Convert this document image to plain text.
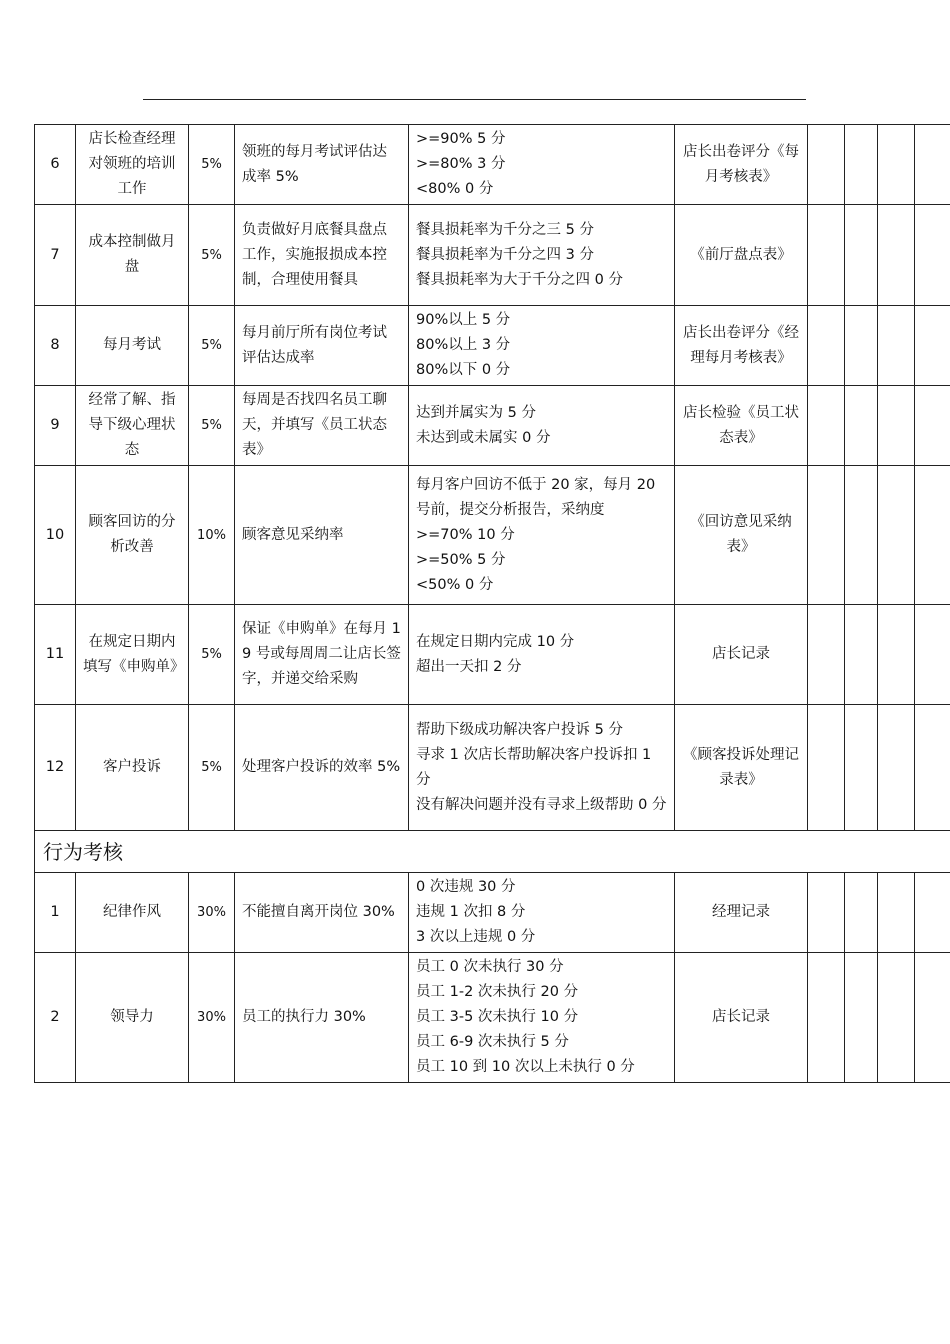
6	店长检查经理对领班的培训工作	5%	领班的每月考试评估达成率 5%	>=90% 5 分
>=80% 3 分
<80% 0 分	店长出卷评分《每月考核表》				
7	成本控制做月盘	5%	负责做好月底餐具盘点工作，实施报损成本控制，合理使用餐具	餐具损耗率为千分之三 5 分
餐具损耗率为千分之四 3 分
餐具损耗率为大于千分之四 0 分	《前厅盘点表》				
8	每月考试	5%	每月前厅所有岗位考试评估达成率	90%以上 5 分
80%以上 3 分
80%以下 0 分	店长出卷评分《经理每月考核表》				
9	经常了解、指导下级心理状态	5%	每周是否找四名员工聊天，并填写《员工状态表》	达到并属实为 5 分
未达到或未属实 0 分	店长检验《员工状态表》				
10	顾客回访的分析改善	10%	顾客意见采纳率	每月客户回访不低于 20 家，每月 20 号前，提交分析报告，采纳度
>=70% 10 分
>=50% 5 分
<50% 0 分	《回访意见采纳表》				
11	在规定日期内填写《申购单》	5%	保证《申购单》在每月 19 号或每周周二让店长签字，并递交给采购	在规定日期内完成 10 分
超出一天扣 2 分	店长记录				
12	客户投诉	5%	处理客户投诉的效率 5%	帮助下级成功解决客户投诉 5 分
寻求 1 次店长帮助解决客户投诉扣 1 分
没有解决问题并没有寻求上级帮助 0 分	《顾客投诉处理记录表》				
行为考核									
1	纪律作风	30%	不能擅自离开岗位 30%	0 次违规 30 分
违规 1 次扣 8 分
3 次以上违规 0 分	经理记录				
2	领导力	30%	员工的执行力 30%	员工 0 次未执行 30 分
员工 1-2 次未执行 20 分
员工 3-5 次未执行 10 分
员工 6-9 次未执行 5 分
员工 10 到 10 次以上未执行 0 分	店长记录				
